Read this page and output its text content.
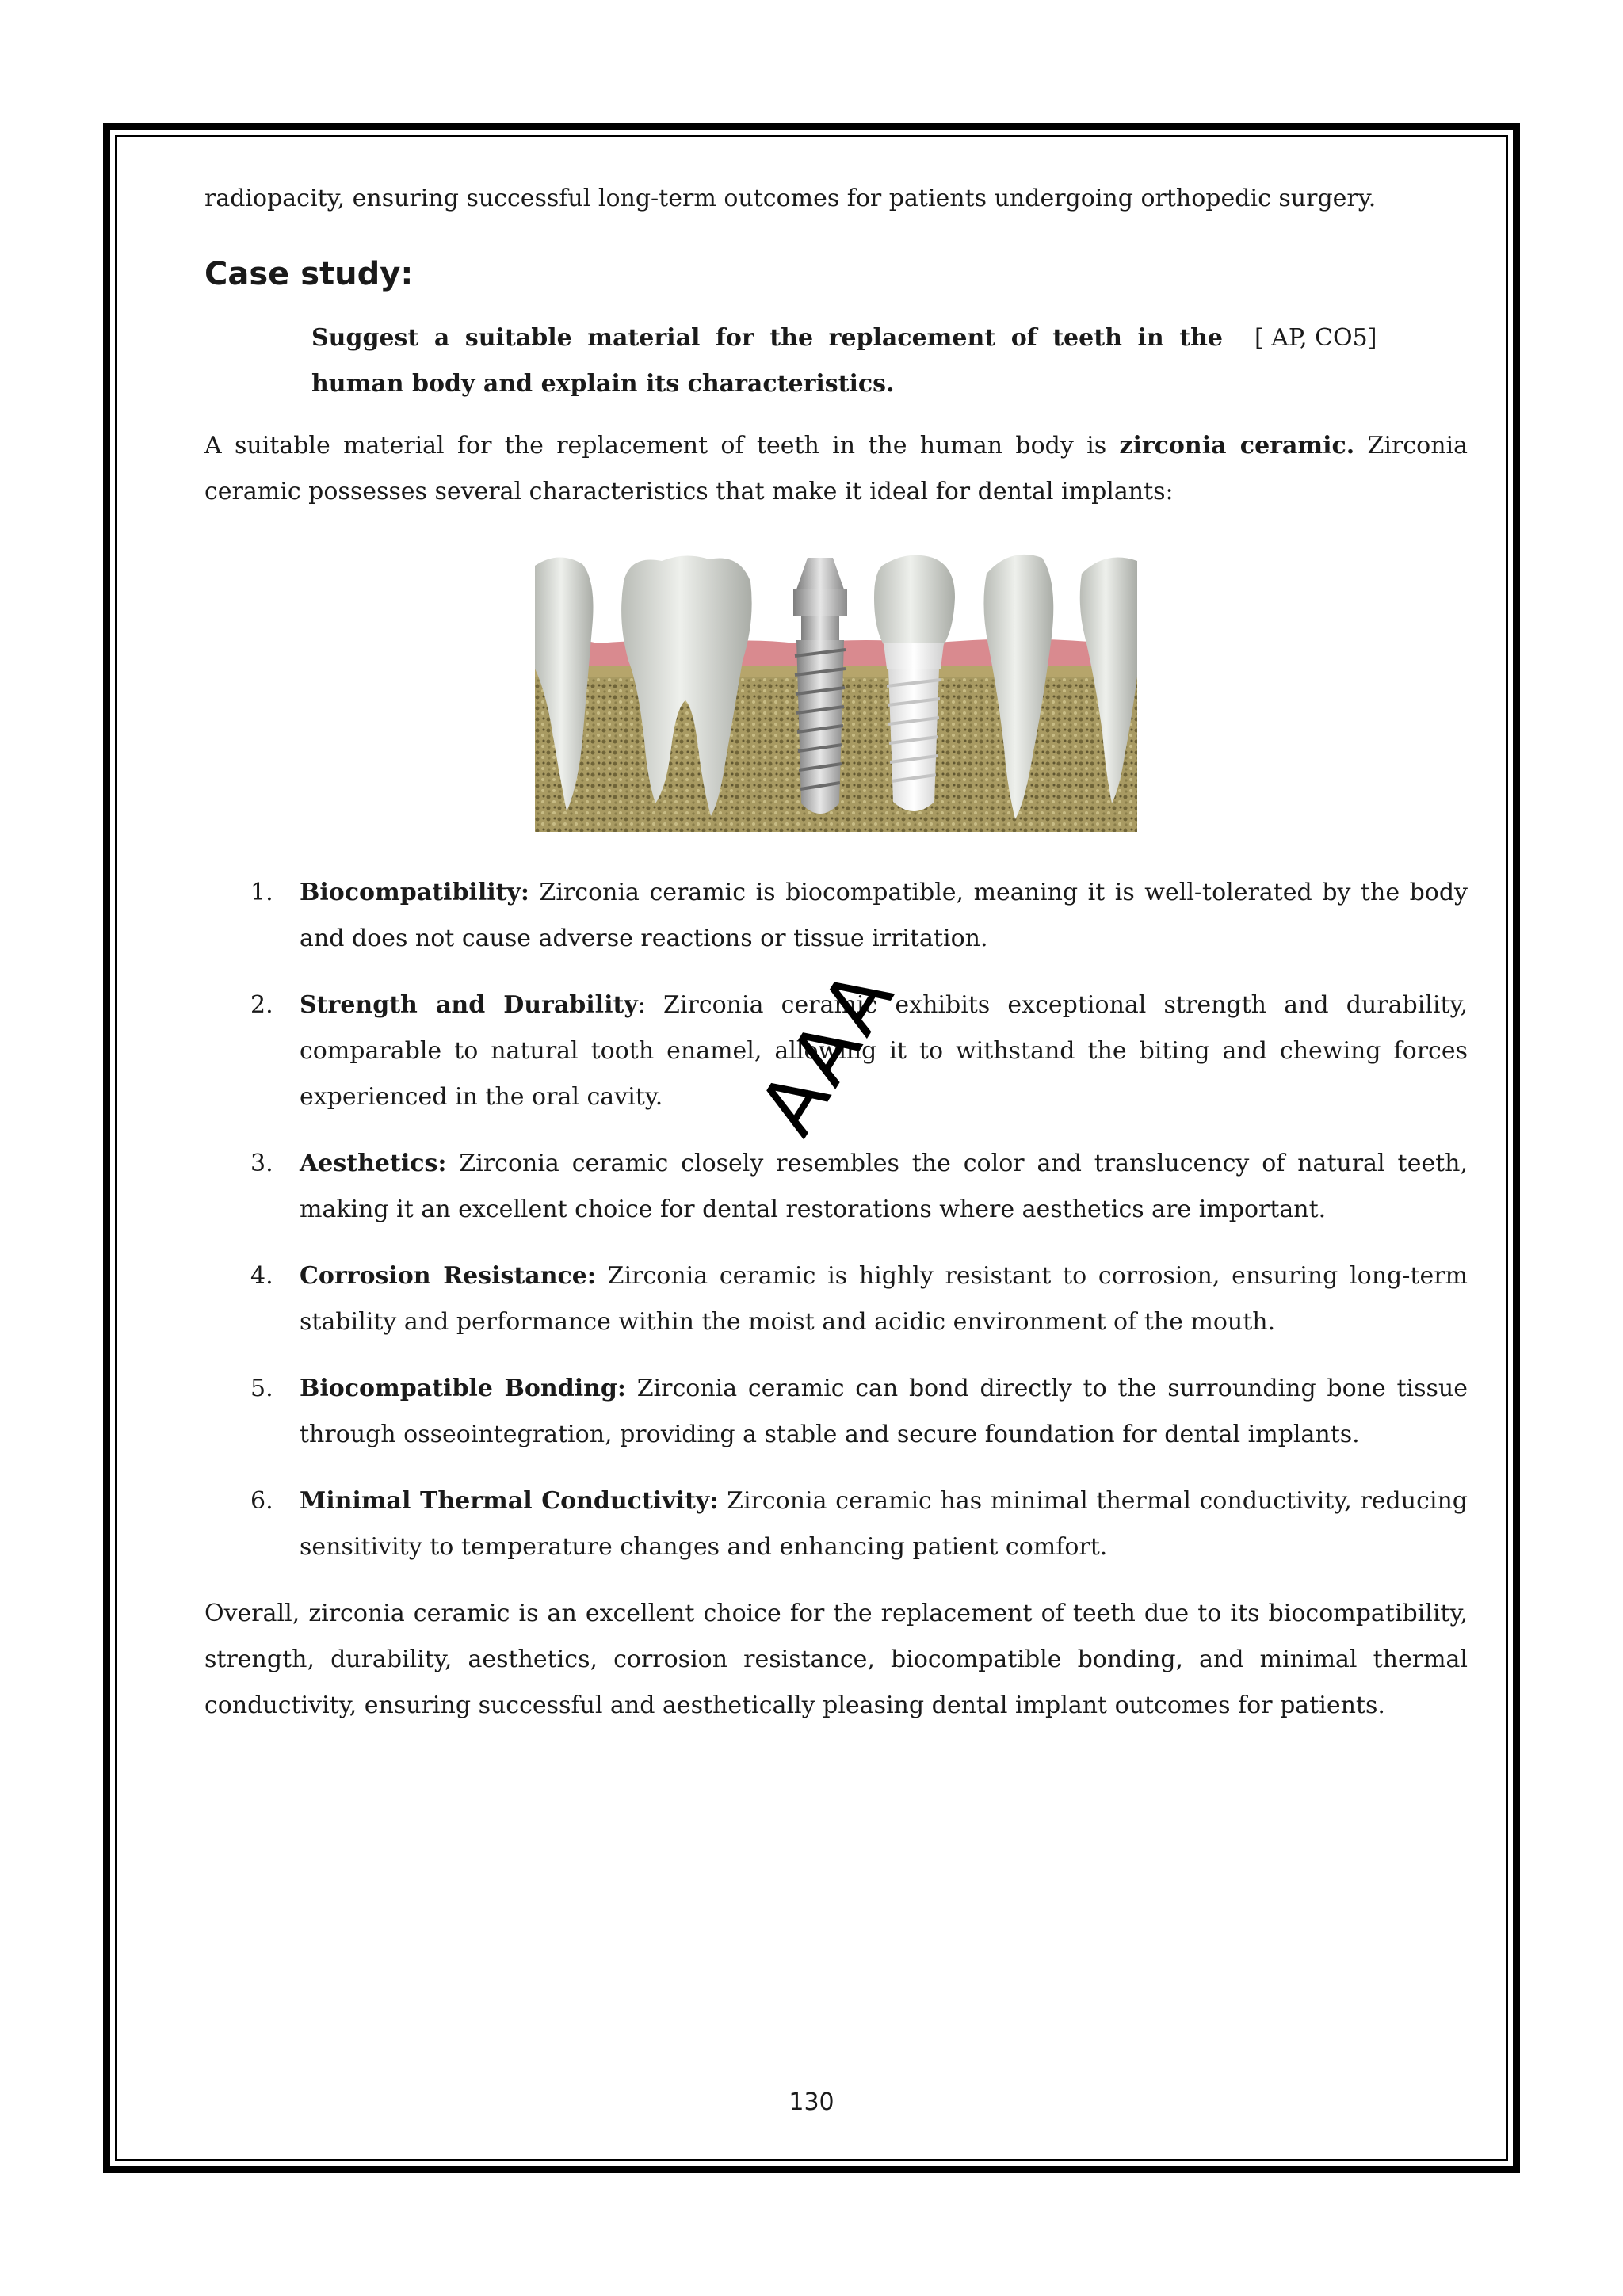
radiopacity, ensuring successful long-term outcomes for patients undergoing orthopedic surgery.

Case study:
Suggest a suitable material for the replacement of teeth in the human body and explain its characteristics.
[ AP, CO5]

A suitable material for the replacement of teeth in the human body is zirconia ceramic. Zirconia ceramic possesses several characteristics that make it ideal for dental implants:

1. Biocompatibility: Zirconia ceramic is biocompatible, meaning it is well-tolerated by the body and does not cause adverse reactions or tissue irritation.
2. Strength and Durability: Zirconia ceramic exhibits exceptional strength and durability, comparable to natural tooth enamel, allowing it to withstand the biting and chewing forces experienced in the oral cavity.
3. Aesthetics: Zirconia ceramic closely resembles the color and translucency of natural teeth, making it an excellent choice for dental restorations where aesthetics are important.
4. Corrosion Resistance: Zirconia ceramic is highly resistant to corrosion, ensuring long-term stability and performance within the moist and acidic environment of the mouth.
5. Biocompatible Bonding: Zirconia ceramic can bond directly to the surrounding bone tissue through osseointegration, providing a stable and secure foundation for dental implants.
6. Minimal Thermal Conductivity: Zirconia ceramic has minimal thermal conductivity, reducing sensitivity to temperature changes and enhancing patient comfort.

Overall, zirconia ceramic is an excellent choice for the replacement of teeth due to its biocompatibility, strength, durability, aesthetics, corrosion resistance, biocompatible bonding, and minimal thermal conductivity, ensuring successful and aesthetically pleasing dental implant outcomes for patients.

AAA
130
